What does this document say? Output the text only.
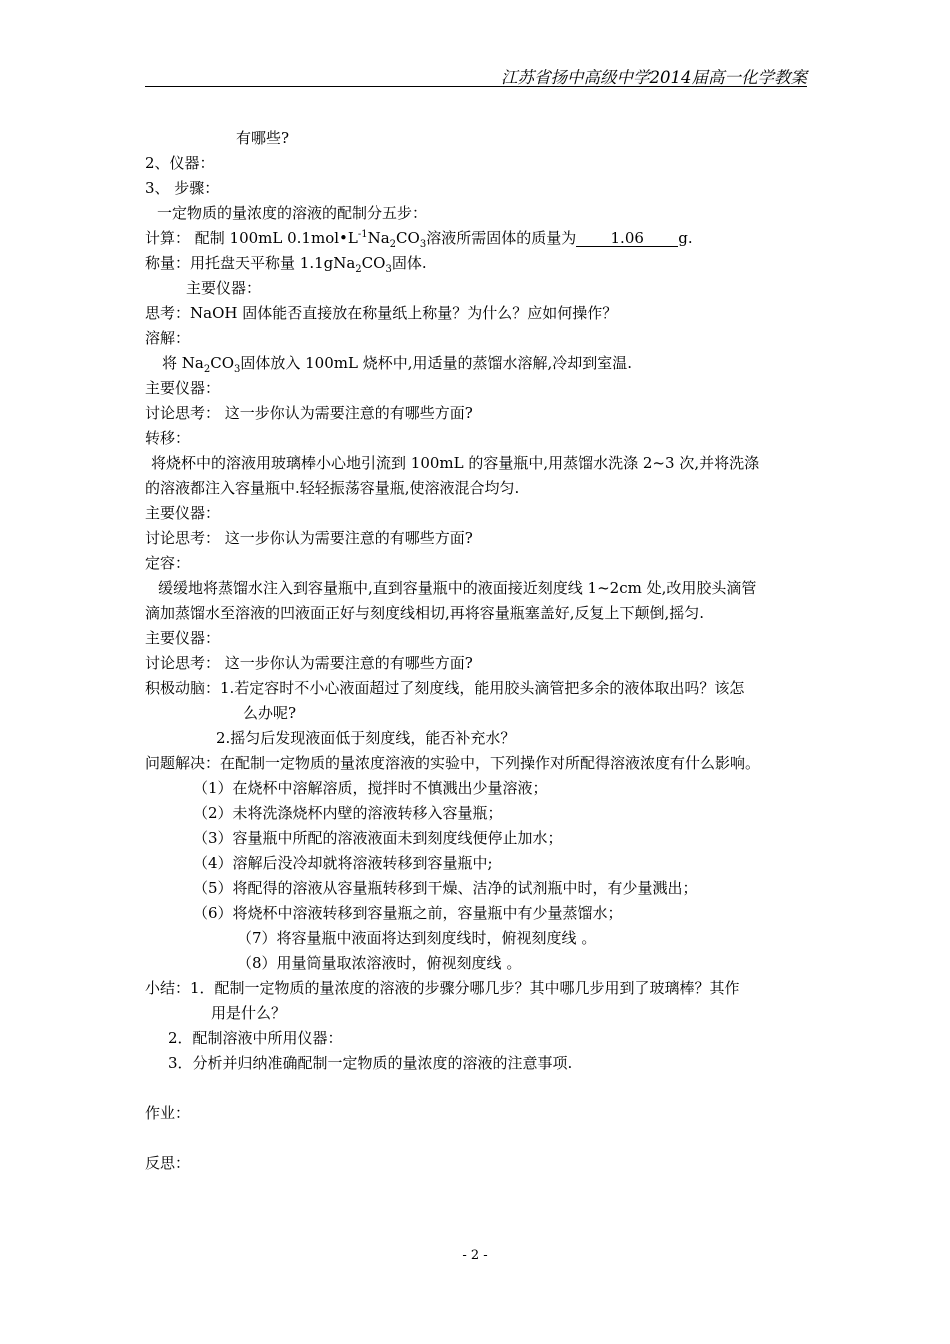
江苏省扬中高级中学2014届高一化学教案
有哪些?
2、仪器：
3、 步骤：
一定物质的量浓度的溶液的配制分五步：
计算： 配制 100mL $0.1mol•L^{-1}Na_2CO_3$溶液所需固体的质量为 1.06 g.
称量：用托盘天平称量 $1.1gNa_2CO_3$固体.
主要仪器：
思考：NaOH 固体能否直接放在称量纸上称量？为什么？应如何操作？
溶解：
将 $Na_2CO_3$固体放入 100mL 烧杯中,用适量的蒸馏水溶解,冷却到室温.
主要仪器：
讨论思考： 这一步你认为需要注意的有哪些方面?
转移：
将烧杯中的溶液用玻璃棒小心地引流到 100mL 的容量瓶中,用蒸馏水洗涤 2~3 次,并将洗涤
的溶液都注入容量瓶中.轻轻振荡容量瓶,使溶液混合均匀.
主要仪器：
讨论思考： 这一步你认为需要注意的有哪些方面?
定容：
缓缓地将蒸馏水注入到容量瓶中,直到容量瓶中的液面接近刻度线 1~2cm 处,改用胶头滴管
滴加蒸馏水至溶液的凹液面正好与刻度线相切,再将容量瓶塞盖好,反复上下颠倒,摇匀.
主要仪器：
讨论思考： 这一步你认为需要注意的有哪些方面?
积极动脑：1.若定容时不小心液面超过了刻度线，能用胶头滴管把多余的液体取出吗？该怎
么办呢?
2.摇匀后发现液面低于刻度线，能否补充水？
问题解决：在配制一定物质的量浓度溶液的实验中，下列操作对所配得溶液浓度有什么影响。
（1）在烧杯中溶解溶质，搅拌时不慎溅出少量溶液；
（2）未将洗涤烧杯内壁的溶液转移入容量瓶；
（3）容量瓶中所配的溶液液面未到刻度线便停止加水；
（4）溶解后没冷却就将溶液转移到容量瓶中;
（5）将配得的溶液从容量瓶转移到干燥、洁净的试剂瓶中时，有少量溅出；
（6）将烧杯中溶液转移到容量瓶之前，容量瓶中有少量蒸馏水；
（7）将容量瓶中液面将达到刻度线时，俯视刻度线 。
（8）用量筒量取浓溶液时，俯视刻度线 。
小结：1．配制一定物质的量浓度的溶液的步骤分哪几步？其中哪几步用到了玻璃棒？其作
用是什么？
2．配制溶液中所用仪器：
3．分析并归纳准确配制一定物质的量浓度的溶液的注意事项.
作业：
反思：
- 2 -
